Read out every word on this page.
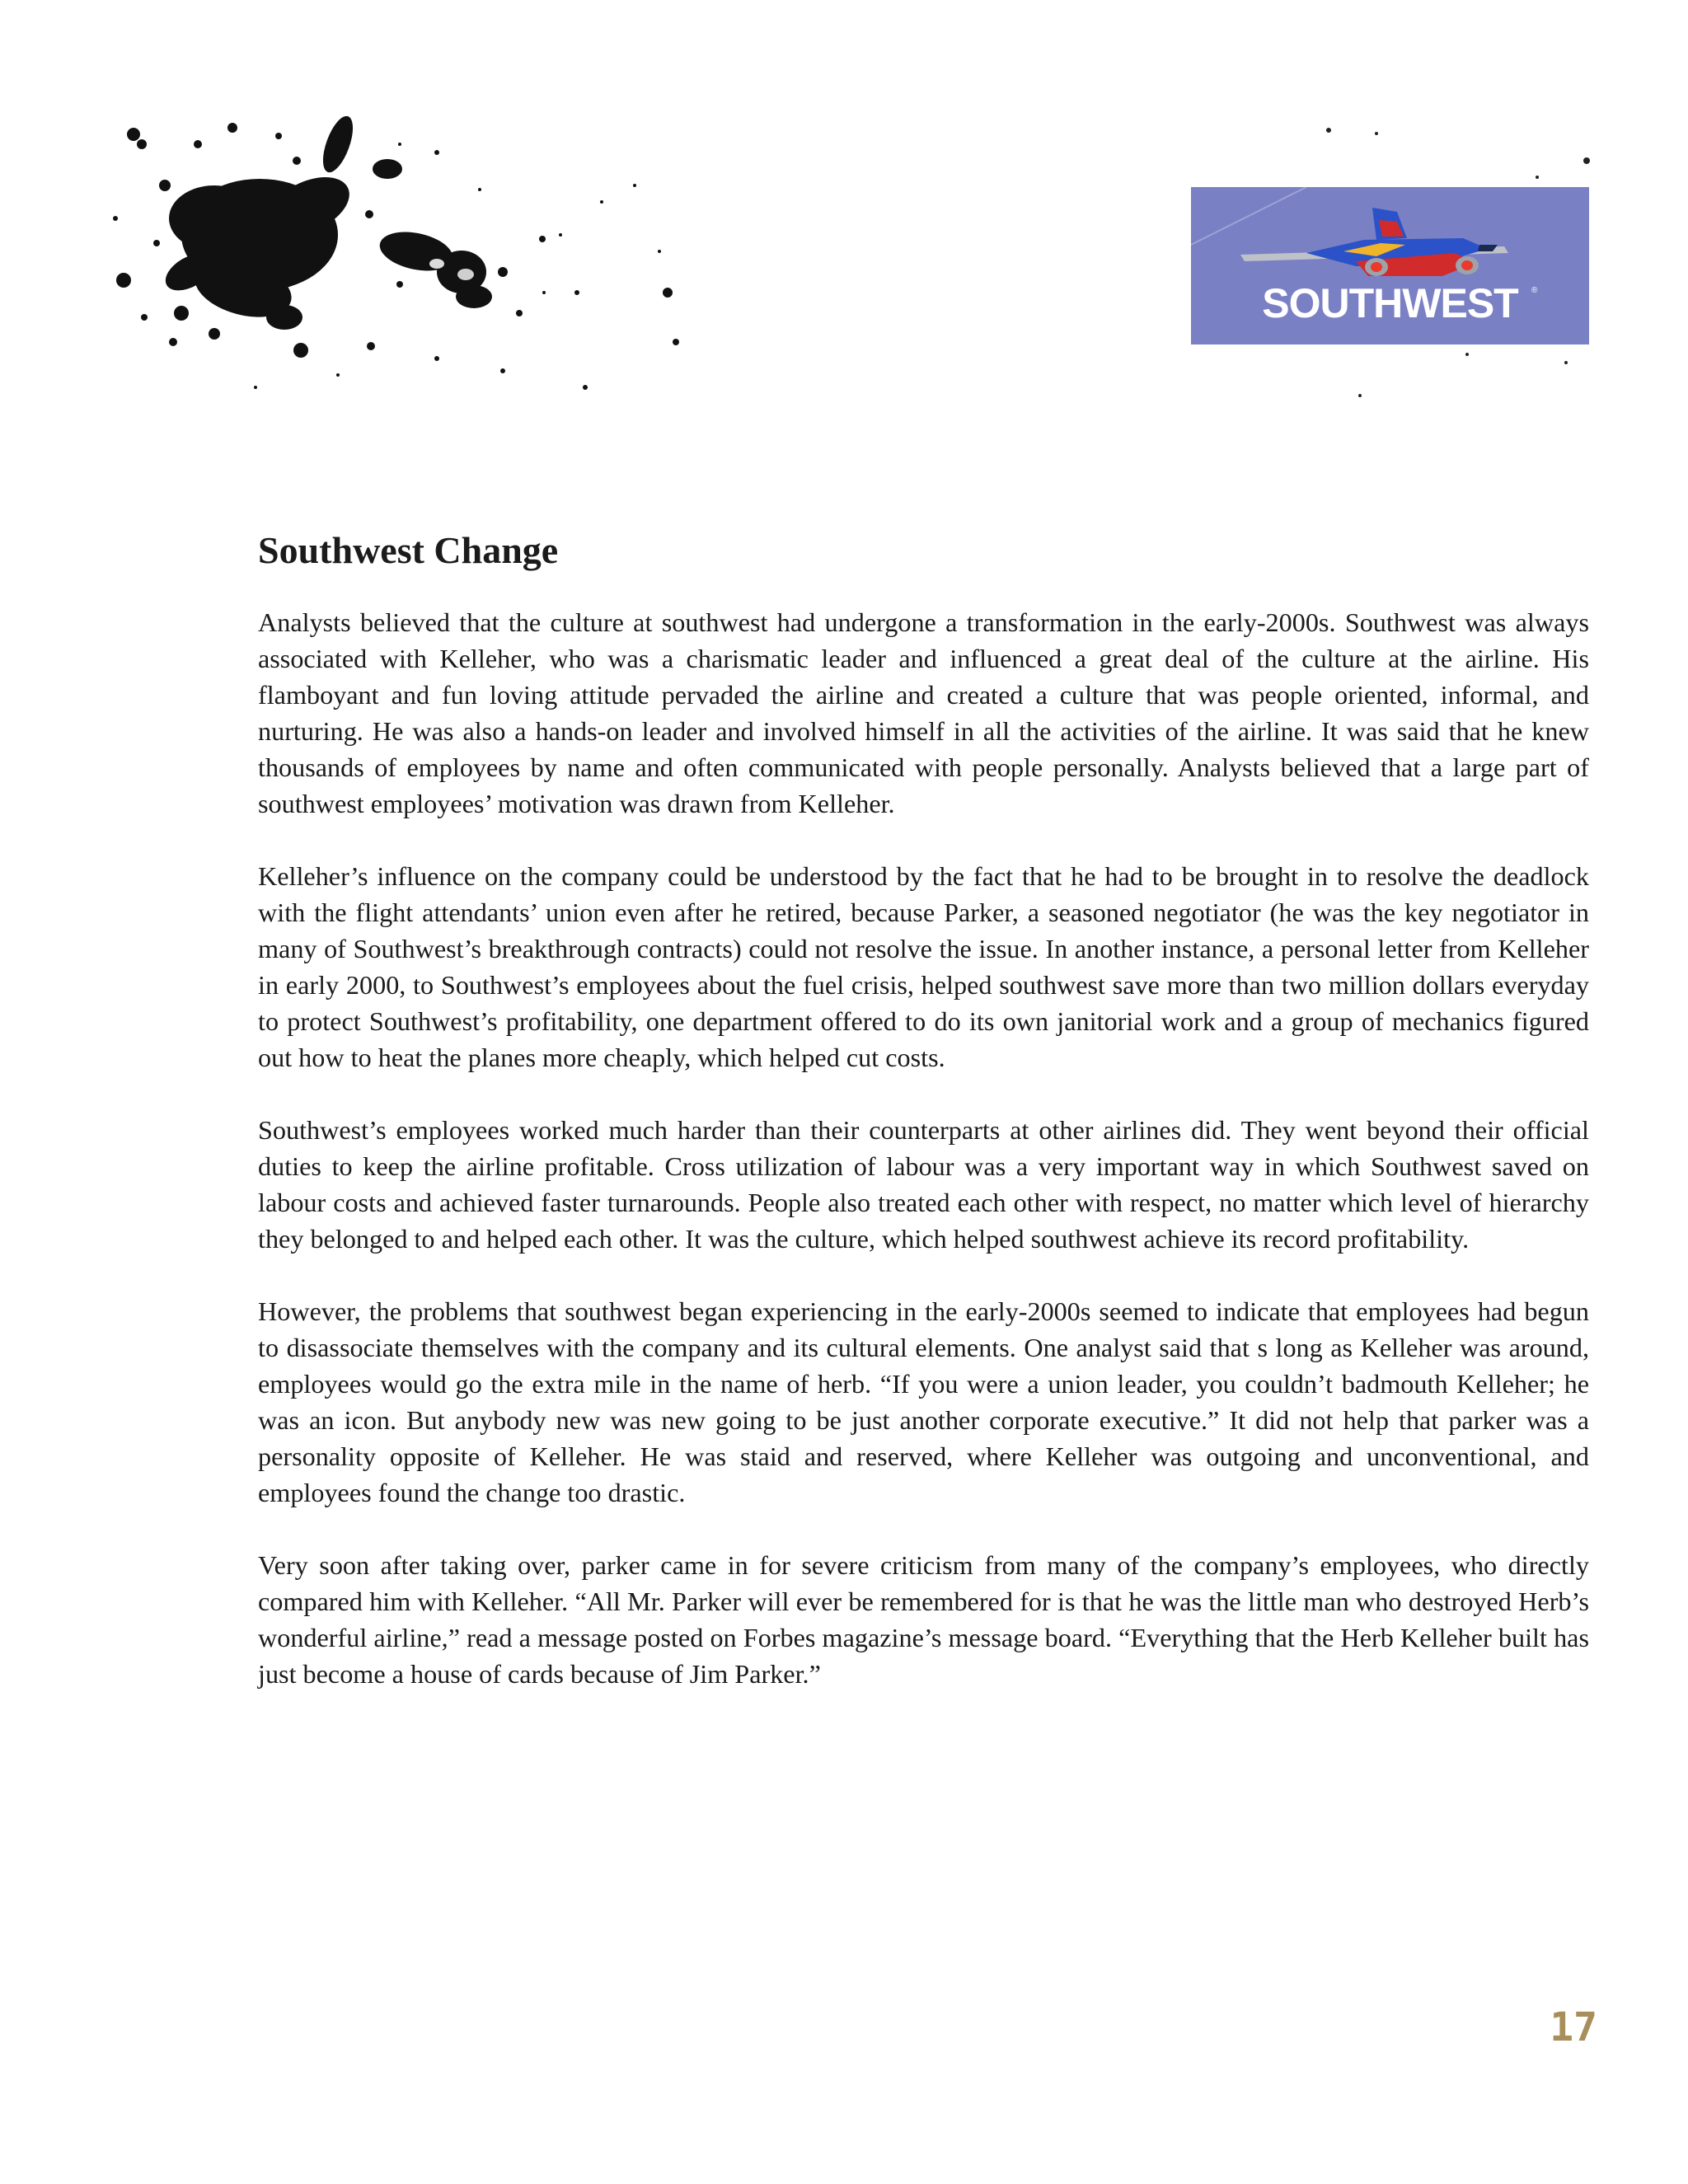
SOUTHWEST	®
Southwest Change

Analysts believed that the culture at southwest had undergone a transformation in the early-2000s. Southwest was always associated with Kelleher, who was a charismatic leader and influenced a great deal of the culture at the airline. His flamboyant and fun loving attitude pervaded the airline and created a culture that was people oriented, informal, and nurturing. He was also a hands-on leader and involved himself in all the activities of the airline. It was said that he knew thousands of employees by name and often communicated with people personally. Analysts believed that a large part of southwest employees’ motivation was drawn from Kelleher.

Kelleher’s influence on the company could be understood by the fact that he had to be brought in to resolve the deadlock with the flight attendants’ union even after he retired, because Parker, a seasoned negotiator (he was the key negotiator in many of Southwest’s breakthrough contracts) could not resolve the issue. In another instance, a personal letter from Kelleher in early 2000, to Southwest’s employees about the fuel crisis, helped southwest save more than two million dollars everyday to protect Southwest’s profitability, one department offered to do its own janitorial work and a group of mechanics figured out how to heat the planes more cheaply, which helped cut costs.

Southwest’s employees worked much harder than their counterparts at other airlines did. They went beyond their official duties to keep the airline profitable. Cross utilization of labour was a very important way in which Southwest saved on labour costs and achieved faster turnarounds. People also treated each other with respect, no matter which level of hierarchy they belonged to and helped each other. It was the culture, which helped southwest achieve its record profitability.

However, the problems that southwest began experiencing in the early-2000s seemed to indicate that employees had begun to disassociate themselves with the company and its cultural elements. One analyst said that s long as Kelleher was around, employees would go the extra mile in the name of herb. “If you were a union leader, you couldn’t badmouth Kelleher; he was an icon. But anybody new was new going to be just another corporate executive.” It did not help that parker was a personality opposite of Kelleher. He was staid and reserved, where Kelleher was outgoing and unconventional, and employees found the change too drastic.

Very soon after taking over, parker came in for severe criticism from many of the company’s employees, who directly compared him with Kelleher. “All Mr. Parker will ever be remembered for is that he was the little man who destroyed Herb’s wonderful airline,” read a message posted on Forbes magazine’s message board. “Everything that the Herb Kelleher built has just become a house of cards because of Jim Parker.”

17
